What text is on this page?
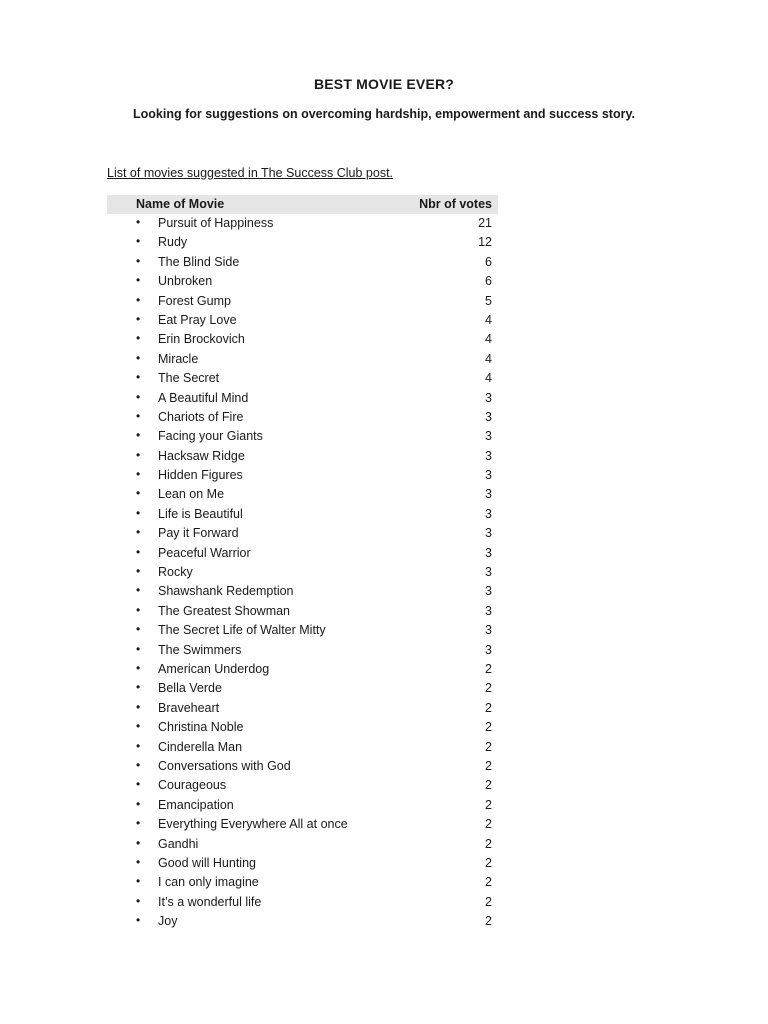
BEST MOVIE EVER?
Looking for suggestions on overcoming hardship, empowerment and success story.
List of movies suggested in The Success Club post.
Name of Movie	Nbr of votes
• Pursuit of Happiness	21
• Rudy	12
• The Blind Side	6
• Unbroken	6
• Forest Gump	5
• Eat Pray Love	4
• Erin Brockovich	4
• Miracle	4
• The Secret	4
• A Beautiful Mind	3
• Chariots of Fire	3
• Facing your Giants	3
• Hacksaw Ridge	3
• Hidden Figures	3
• Lean on Me	3
• Life is Beautiful	3
• Pay it Forward	3
• Peaceful Warrior	3
• Rocky	3
• Shawshank Redemption	3
• The Greatest Showman	3
• The Secret Life of Walter Mitty	3
• The Swimmers	3
• American Underdog	2
• Bella Verde	2
• Braveheart	2
• Christina Noble	2
• Cinderella Man	2
• Conversations with God	2
• Courageous	2
• Emancipation	2
• Everything Everywhere All at once	2
• Gandhi	2
• Good will Hunting	2
• I can only imagine	2
• It’s a wonderful life	2
• Joy	2
